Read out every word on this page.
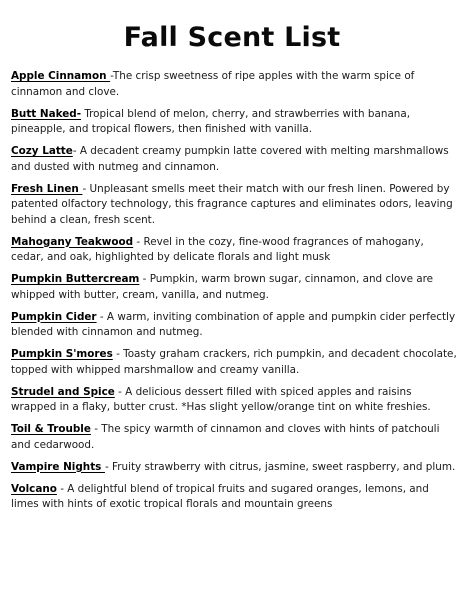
Fall Scent List
Apple Cinnamon -The crisp sweetness of ripe apples with the warm spice of cinnamon and clove.
Butt Naked- Tropical blend of melon, cherry, and strawberries with banana, pineapple, and tropical flowers, then finished with vanilla.
Cozy Latte- A decadent creamy pumpkin latte covered with melting marshmallows and dusted with nutmeg and cinnamon.
Fresh Linen - Unpleasant smells meet their match with our fresh linen. Powered by patented olfactory technology, this fragrance captures and eliminates odors, leaving behind a clean, fresh scent.
Mahogany Teakwood - Revel in the cozy, fine-wood fragrances of mahogany, cedar, and oak, highlighted by delicate florals and light musk
Pumpkin Buttercream - Pumpkin, warm brown sugar, cinnamon, and clove are whipped with butter, cream, vanilla, and nutmeg.
Pumpkin Cider - A warm, inviting combination of apple and pumpkin cider perfectly blended with cinnamon and nutmeg.
Pumpkin S'mores - Toasty graham crackers, rich pumpkin, and decadent chocolate, topped with whipped marshmallow and creamy vanilla.
Strudel and Spice - A delicious dessert filled with spiced apples and raisins wrapped in a flaky, butter crust. *Has slight yellow/orange tint on white freshies.
Toil & Trouble - The spicy warmth of cinnamon and cloves with hints of patchouli and cedarwood.
Vampire Nights - Fruity strawberry with citrus, jasmine, sweet raspberry, and plum.
Volcano - A delightful blend of tropical fruits and sugared oranges, lemons, and limes with hints of exotic tropical florals and mountain greens
